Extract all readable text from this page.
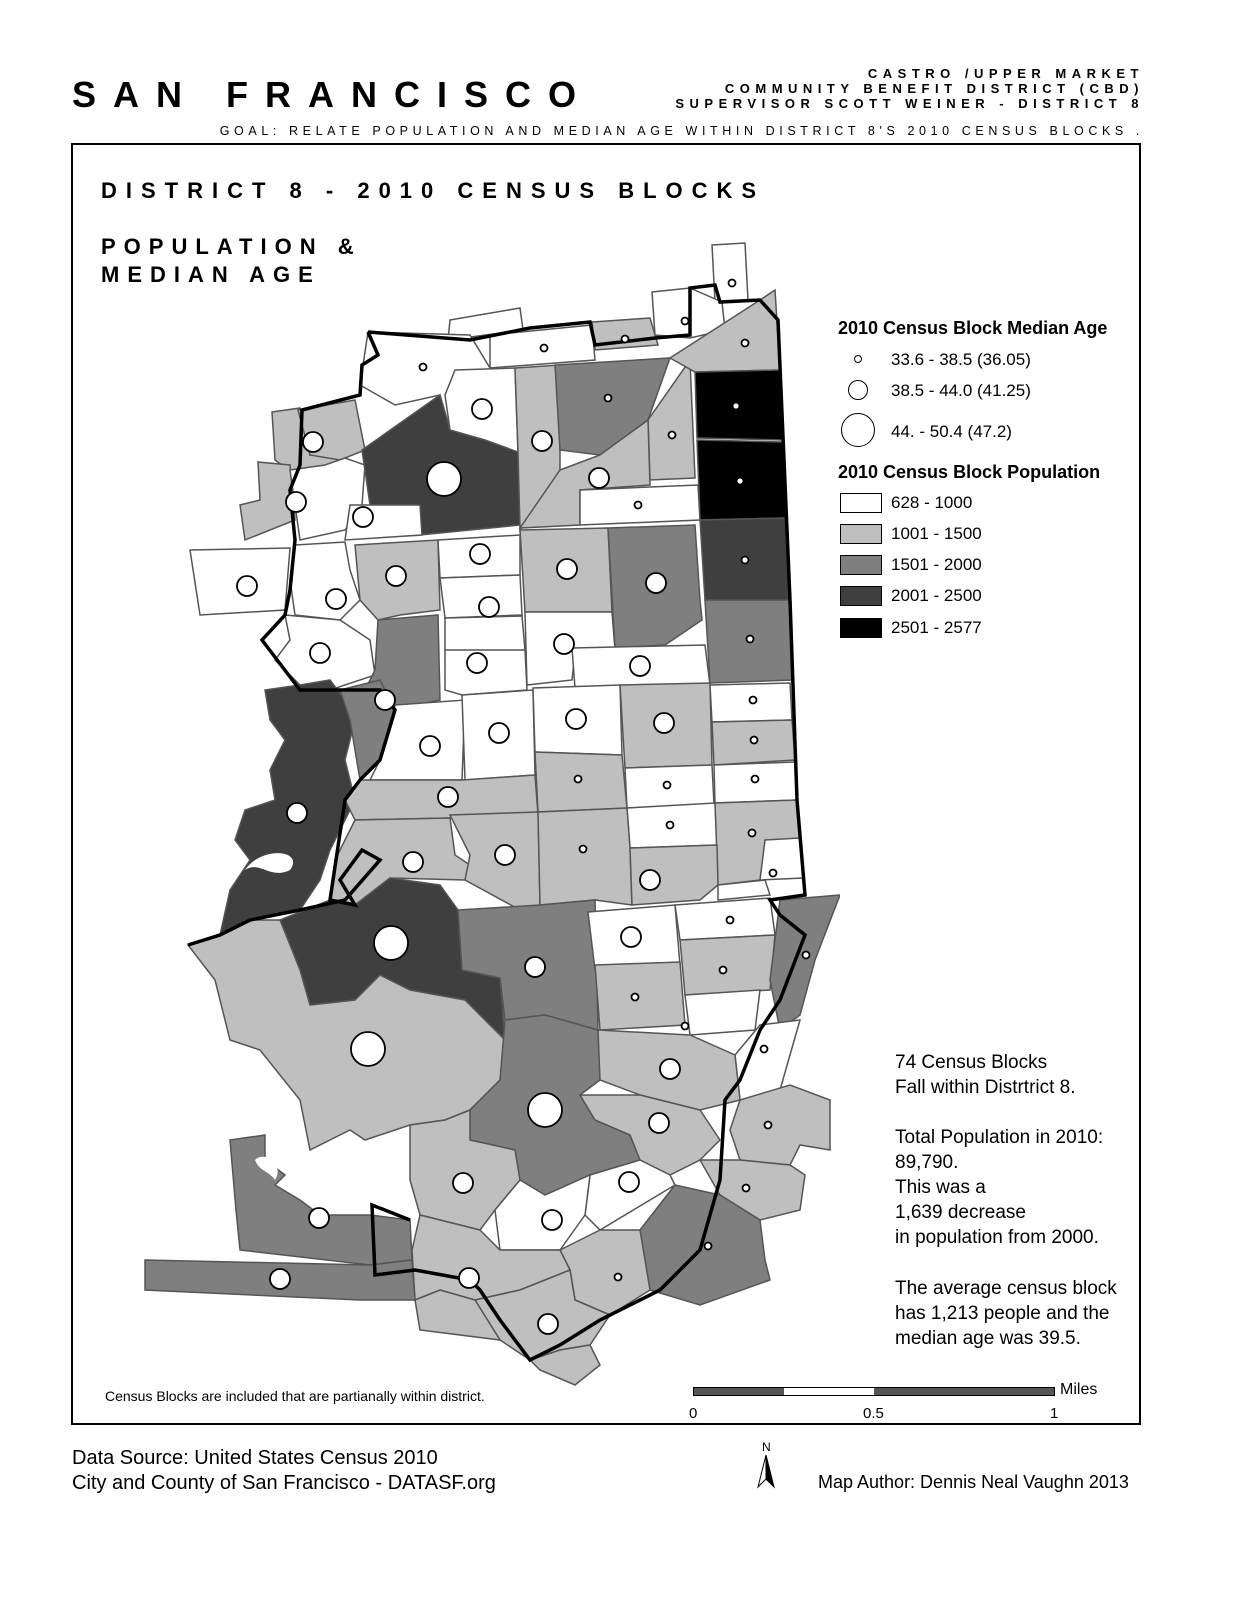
SAN FRANCISCO
CASTRO /UPPER MARKET
COMMUNITY BENEFIT DISTRICT (CBD)
SUPERVISOR SCOTT WEINER - DISTRICT 8
GOAL: RELATE POPULATION AND MEDIAN AGE WITHIN DISTRICT 8'S 2010 CENSUS BLOCKS .
DISTRICT 8 - 2010 CENSUS BLOCKS
POPULATION &
MEDIAN AGE
2010 Census Block Median Age
33.6 - 38.5 (36.05)
38.5 - 44.0 (41.25)
44. - 50.4 (47.2)
2010 Census Block Population
628 - 1000
1001 - 1500
1501 - 2000
2001 - 2500
2501 - 2577
74 Census Blocks
Fall within Distrtrict 8.
Total Population in 2010:
89,790.
This was a
1,639 decrease
in population from 2000.
The average census block
has 1,213 people and the
median age was 39.5.
Census Blocks are included that are partianally within district.	Miles
0	0.5	1
Data Source: United States Census 2010
City and County of San Francisco - DATASF.org
N
Map Author: Dennis Neal Vaughn 2013
